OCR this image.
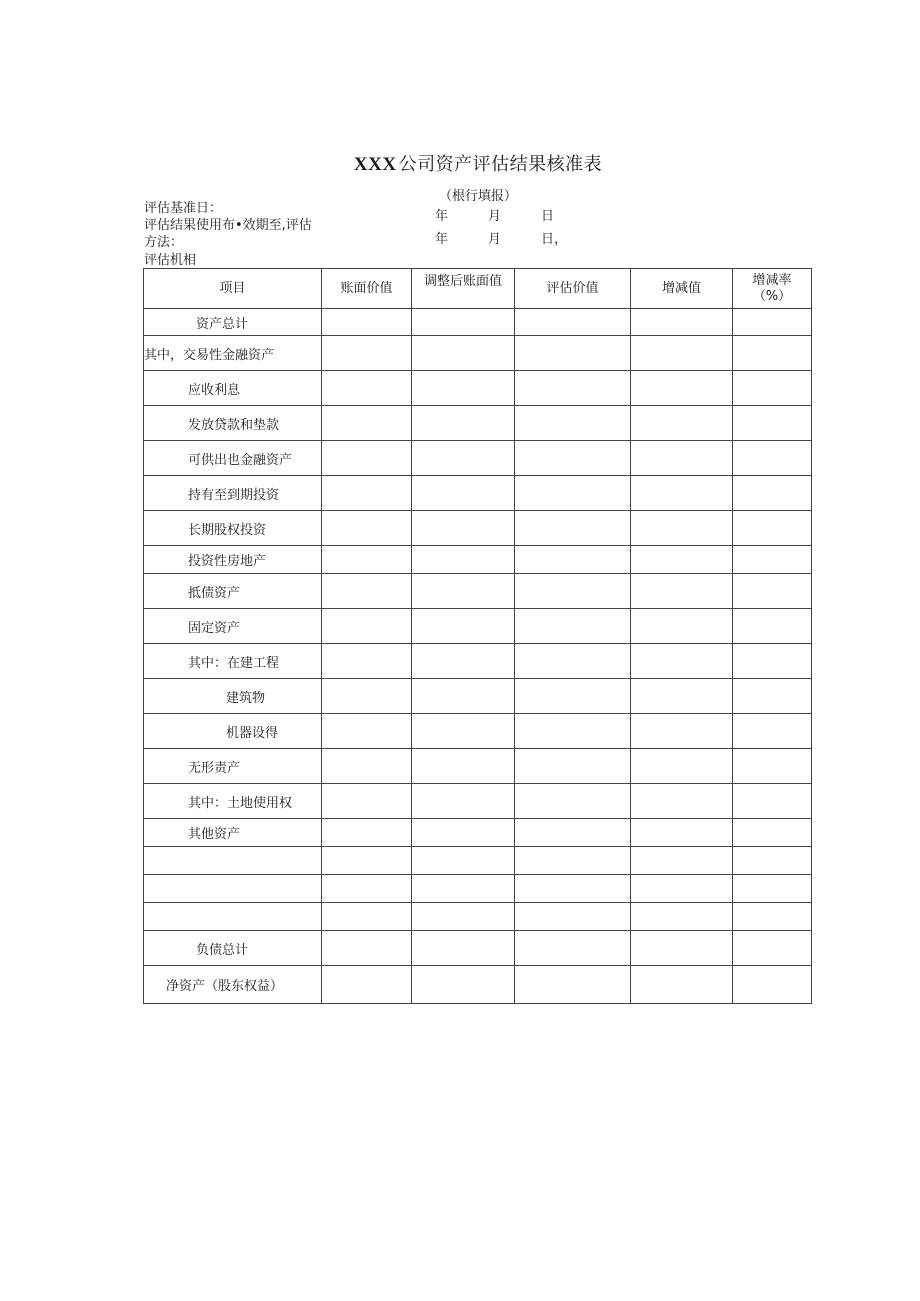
XXX 公司资产评估结果核准表
（根行填报）
评估基准日：
评估结果使用布•效期至,评估
方法：
评估机相
年	月	日
年	月	日，
项目	账面价值	调整后账面值	评估价值	增减值	增减率
（%）
资产总计					
其中，交易性金融资产					
应收利息					
发放贷款和垫款					
可供出也金融资产					
持有至到期投资					
长期股权投资					
投资性房地产					
抵债资产					
固定资产					
其中：在建工程					
建筑物					
机器设得					
无形责产					
其中：土地使用权					
其他资产					

负债总计					
净资产（股东权益）					
